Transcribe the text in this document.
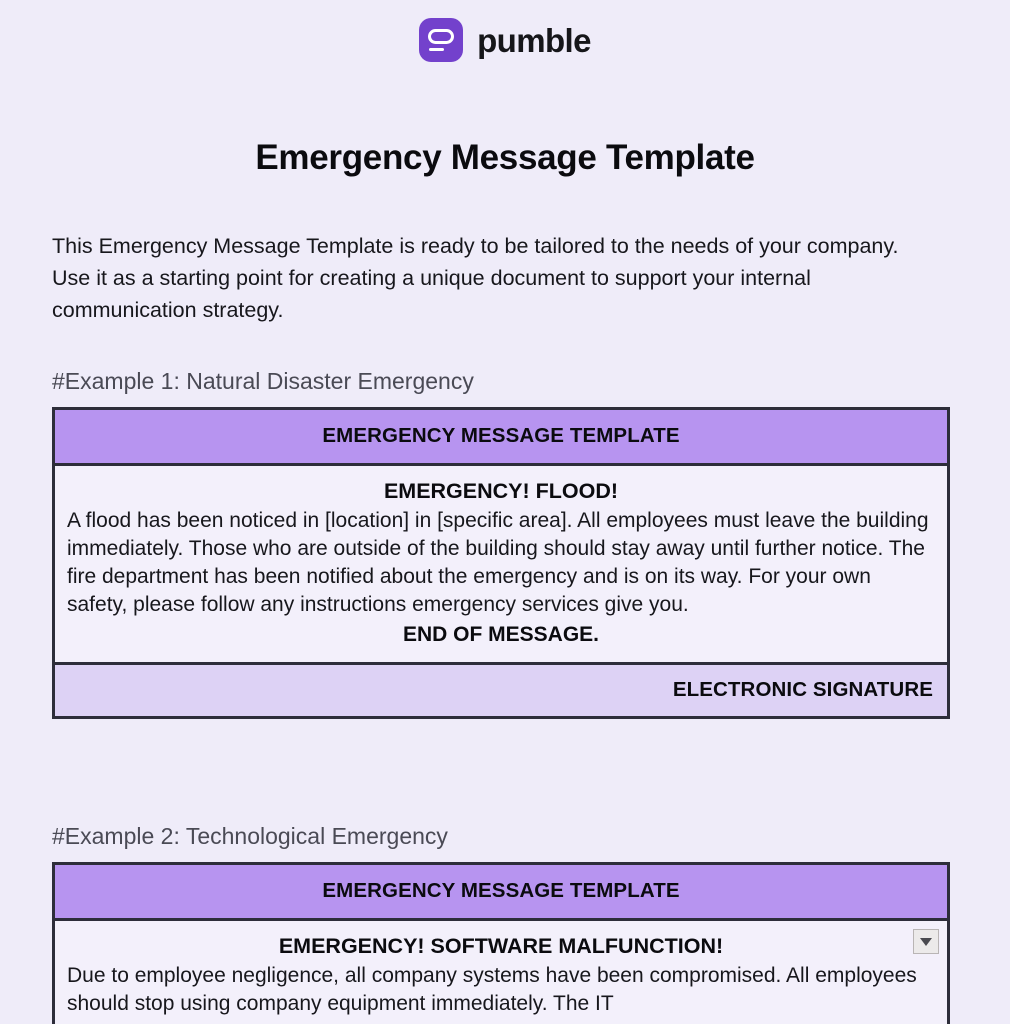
pumble
Emergency Message Template

This Emergency Message Template is ready to be tailored to the needs of your company. Use it as a starting point for creating a unique document to support your internal communication strategy.

#Example 1: Natural Disaster Emergency
EMERGENCY MESSAGE TEMPLATE
EMERGENCY! FLOOD!
A flood has been noticed in [location] in [specific area]. All employees must leave the building immediately. Those who are outside of the building should stay away until further notice. The fire department has been notified about the emergency and is on its way. For your own safety, please follow any instructions emergency services give you.
END OF MESSAGE.
ELECTRONIC SIGNATURE
#Example 2: Technological Emergency
EMERGENCY MESSAGE TEMPLATE
EMERGENCY! SOFTWARE MALFUNCTION!
Due to employee negligence, all company systems have been compromised. All employees should stop using company equipment immediately. The IT
